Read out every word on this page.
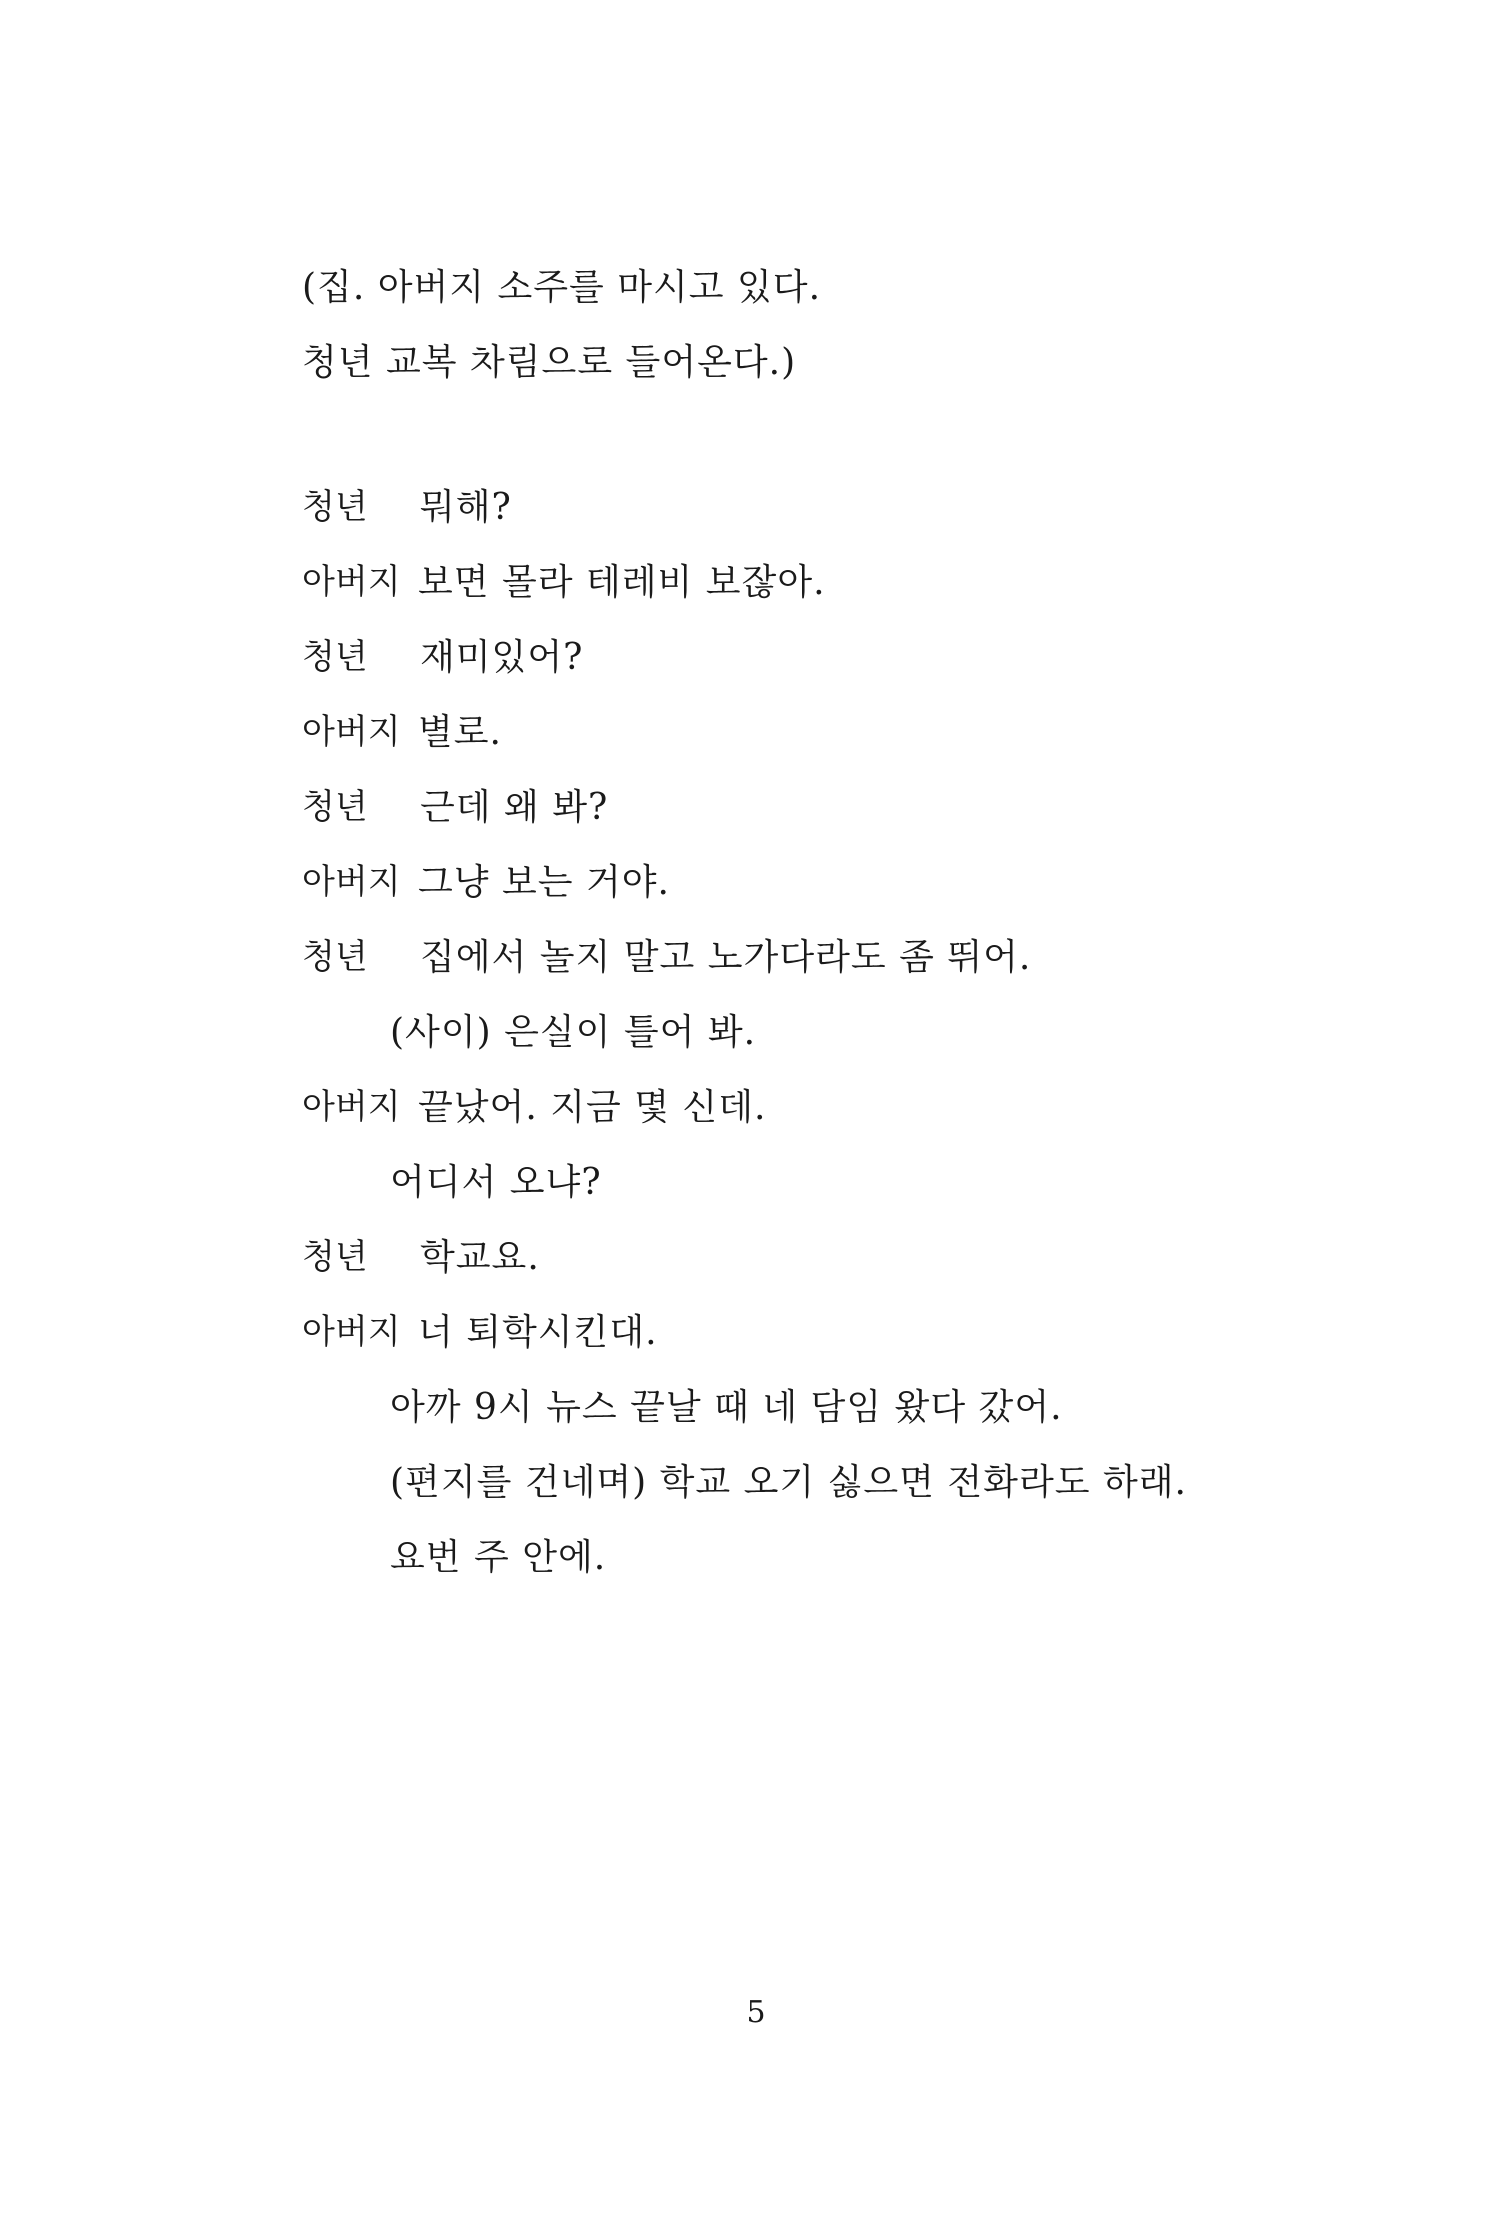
(집. 아버지 소주를 마시고 있다.
청년 교복 차림으로 들어온다.)
청년 뭐해?
아버지 보면 몰라 테레비 보잖아.
청년 재미있어?
아버지 별로.
청년 근데 왜 봐?
아버지 그냥 보는 거야.
청년 집에서 놀지 말고 노가다라도 좀 뛰어.
(사이) 은실이 틀어 봐.
아버지 끝났어. 지금 몇 신데.
어디서 오냐?
청년 학교요.
아버지 너 퇴학시킨대.
아까 9시 뉴스 끝날 때 네 담임 왔다 갔어.
(편지를 건네며) 학교 오기 싫으면 전화라도 하래.
요번 주 안에.
5
